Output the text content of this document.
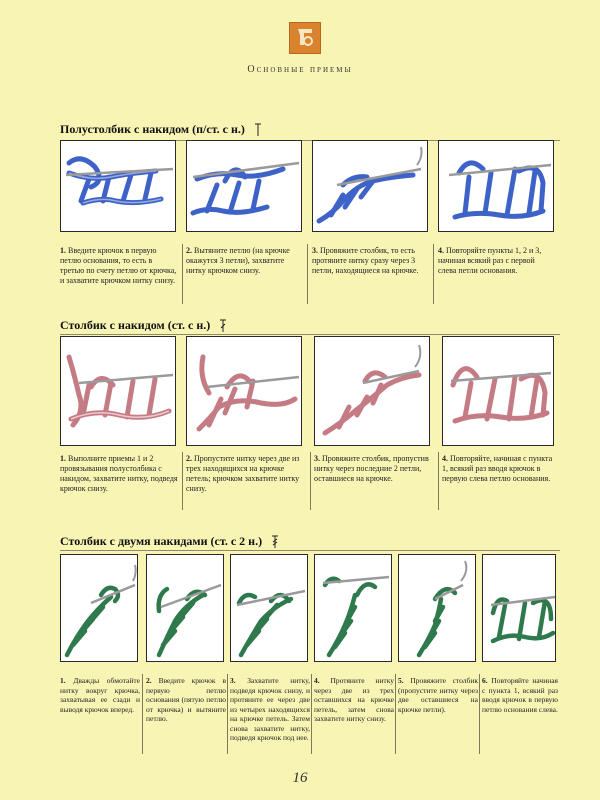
Основные приемы
Полустолбик с накидом (п/ст. с н.)
1. Введите крючок в первую петлю основания, то есть в третью по счету петлю от крючка, и захватите крючком нитку снизу.
2. Вытяните петлю (на крючке окажутся 3 петли), захватите нитку крючком снизу.
3. Провяжите столбик, то есть протяните нитку сразу через 3 петли, находящиеся на крючке.
4. Повторяйте пункты 1, 2 и 3, начиная всякий раз с первой слева петли основания.
Столбик с накидом (ст. с н.)
1. Выполните приемы 1 и 2 провязывания полустолбика с накидом, захватите нитку, подведя крючок снизу.
2. Пропустите нитку через две из трех находящихся на крючке петель; крючком захватите нитку снизу.
3. Провяжите столбик, пропустив нитку через последние 2 петли, оставшиеся на крючке.
4. Повторяйте, начиная с пункта 1, всякий раз вводя крючок в первую слева петлю основания.
Столбик с двумя накидами (ст. с 2 н.)
1. Дважды обмотайте нитку вокруг крючка, захватывая ее сзади и выводя крючок вперед.
2. Введите крючок в первую петлю основания (пятую петлю от крючка) и вытяните петлю.
3. Захватите нитку, подведя крючок снизу, и протяните ее через две из четырех находящихся на крючке петель. Затем снова захватите нитку, подведя крючок под нее.
4. Протяните нитку через две из трех оставшихся на крючке петель, затем снова захватите нитку снизу.
5. Провяжите столбик (пропустите нитку через две оставшиеся на крючке петли).
6. Повторяйте начиная с пункта 1, всякий раз вводя крючок в первую петлю основания слева.
16
